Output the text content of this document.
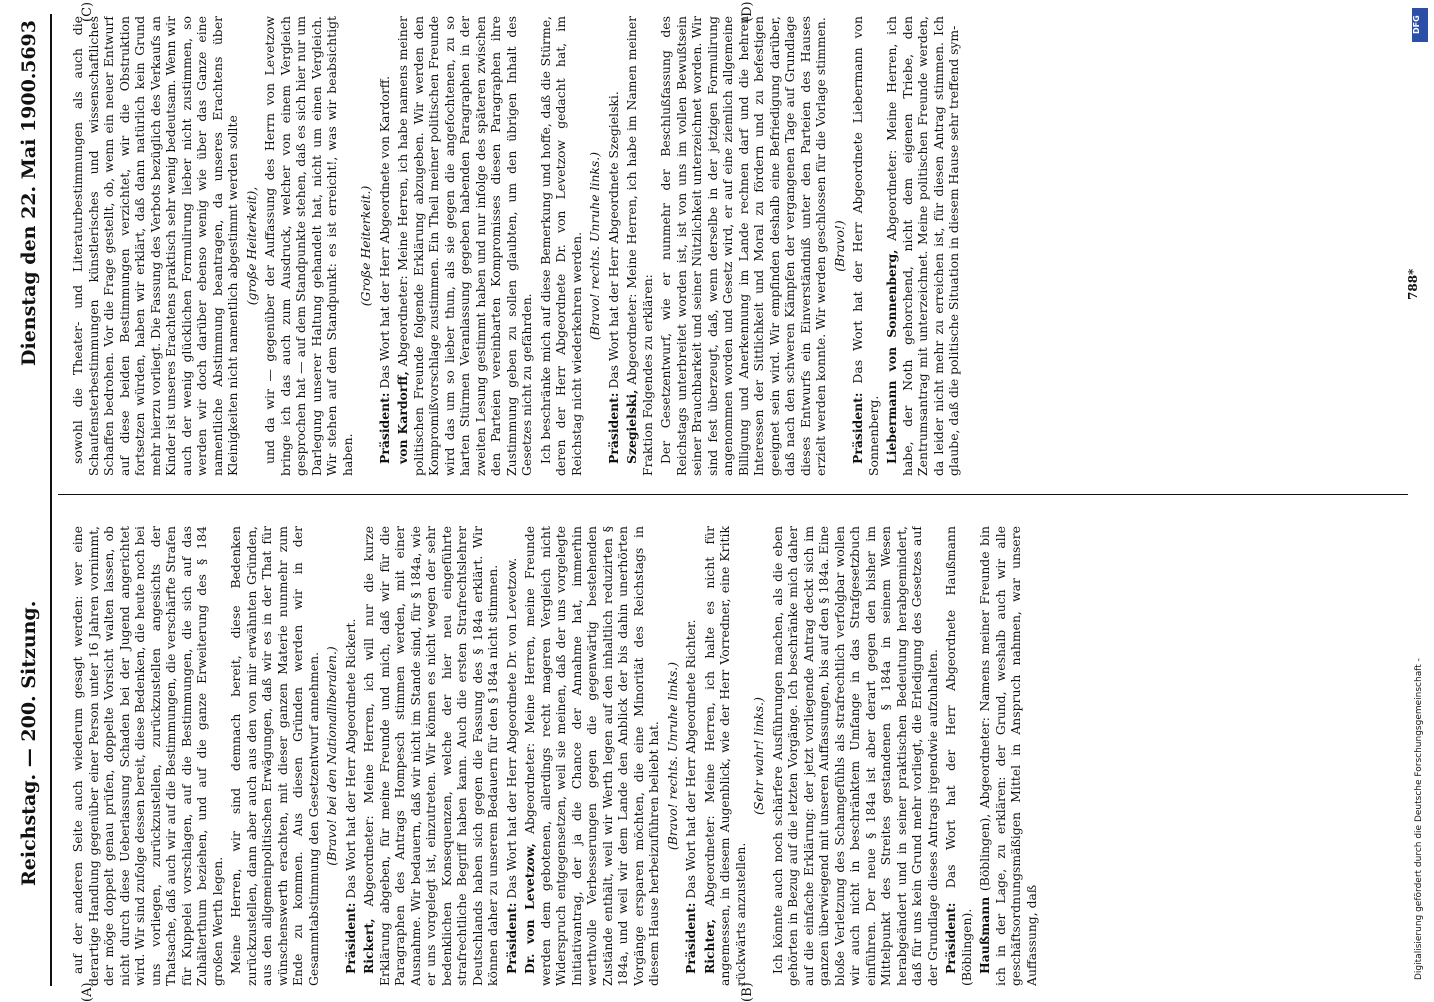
Reichstag. — 200. Sitzung.
Dienstag den 22. Mai 1900.
5693
(A)	(B)
(C)	(D)

auf der anderen Seite auch wiederum gesagt werden: wer eine derartige Handlung gegenüber einer Person unter 16 Jahren vornimmt, der möge doppelt genau prüfen, doppelte Vorsicht walten lassen, ob nicht durch diese Ueberlassung Schaden bei der Jugend angerichtet wird. Wir sind zufolge dessen bereit, diese Bedenken, die heute noch bei uns vorliegen, zurückzustellen, zurückzustellen angesichts der Thatsache, daß auch wir auf die Bestimmungen, die verschärfte Strafen für Kuppelei vorschlagen, auf die Bestimmungen, die sich auf das Zuhälterthum beziehen, und auf die ganze Erweiterung des § 184 großen Werth legen. Meine Herren, wir sind demnach bereit, diese Bedenken zurückzustellen, dann aber auch aus den von mir erwähnten Gründen, aus den allgemeinpolitischen Erwägungen, daß wir es in der That für wünschenswerth erachten, mit dieser ganzen Materie nunmehr zum Ende zu kommen. Aus diesen Gründen werden wir in der Gesammtabstimmung den Gesetzentwurf annehmen. (Bravo! bei den Nationalliberalen.)

Präsident: Das Wort hat der Herr Abgeordnete Rickert.

Rickert, Abgeordneter: Meine Herren, ich will nur die kurze Erklärung abgeben, für meine Freunde und mich, daß wir für die Paragraphen des Antrags Hompesch stimmen werden, mit einer Ausnahme. Wir bedauern, daß wir nicht im Stande sind, für § 184a, wie er uns vorgelegt ist, einzutreten. Wir können es nicht wegen der sehr bedenklichen Konsequenzen, welche der hier neu eingeführte strafrechtliche Begriff haben kann. Auch die ersten Strafrechtslehrer Deutschlands haben sich gegen die Fassung des § 184a erklärt. Wir können daher zu unserem Bedauern für den § 184a nicht stimmen. Präsident: Das Wort hat der Herr Abgeordnete Dr. von Levetzow.

Dr. von Levetzow, Abgeordneter: Meine Herren, meine Freunde werden dem gebotenen, allerdings recht mageren Vergleich nicht Widerspruch entgegensetzen, weil sie meinen, daß der uns vorgelegte Initiativantrag, der ja die Chance der Annahme hat, immerhin werthvolle Verbesserungen gegen die gegenwärtig bestehenden Zustände enthält, weil wir Werth legen auf den inhaltlich reduzirten § 184a, und weil wir dem Lande den Anblick der bis dahin unerhörten Vorgänge ersparen möchten, die eine Minorität des Reichstags in diesem Hause herbeizuführen beliebt hat. (Bravo! rechts. Unruhe links.)

Präsident: Das Wort hat der Herr Abgeordnete Richter.

Richter, Abgeordneter: Meine Herren, ich halte es nicht für angemessen, in diesem Augenblick, wie der Herr Vorredner, eine Kritik rückwärts anzustellen.

(Sehr wahr! links.) Ich könnte auch noch schärfere Ausführungen machen, als die eben gehörten in Bezug auf die letzten Vorgänge. Ich beschränke mich daher auf die einfache Erklärung: der jetzt vorliegende Antrag deckt sich im ganzen überwiegend mit unseren Auffassungen, bis auf den § 184a. Eine bloße Verletzung des Schamgefühls als strafrechtlich verfolgbar wollen wir auch nicht in beschränktem Umfange in das Strafgesetzbuch einführen. Der neue § 184a ist aber derart gegen den bisher im Mittelpunkt des Streites gestandenen § 184a in seinem Wesen herabgeändert und in seiner praktischen Bedeutung herabgemindert, daß für uns kein Grund mehr vorliegt, die Erledigung des Gesetzes auf der Grundlage dieses Antrags irgendwie aufzuhalten. Präsident: Das Wort hat der Herr Abgeordnete Haußmann (Böblingen). Haußmann (Böblingen), Abgeordneter: Namens meiner Freunde bin ich in der Lage, zu erklären: der Grund, weshalb auch wir alle geschäftsordnungsmäßigen Mittel in Anspruch nahmen, war unsere Auffassung, daß

sowohl die Theater- und Literaturbestimmungen als auch die Schaufensterbestimmungen künstlerisches und wissenschaftliches Schaffen bedrohen. Vor die Frage gestellt, ob, wenn ein neuer Entwurf auf diese beiden Bestimmungen verzichtet, wir die Obstruktion fortsetzen würden, haben wir erklärt, daß dann natürlich kein Grund mehr hierzu vorliegt. Die Fassung des Verbots bezüglich des Verkaufs an Kinder ist unseres Erachtens praktisch sehr wenig bedeutsam. Wenn wir auch der wenig glücklichen Formulirung lieber nicht zustimmen, so werden wir doch darüber ebenso wenig wie über das Ganze eine namentliche Abstimmung beantragen, da unseres Erachtens über Kleinigkeiten nicht namentlich abgestimmt werden sollte (große Heiterkeit), und da wir — gegenüber der Auffassung des Herrn von Levetzow bringe ich das auch zum Ausdruck, welcher von einem Vergleich gesprochen hat — auf dem Standpunkte stehen, daß es sich hier nur um Darlegung unserer Haltung gehandelt hat, nicht um einen Vergleich. Wir stehen auf dem Standpunkt: es ist erreicht!, was wir beabsichtigt haben.

(Große Heiterkeit.)

Präsident: Das Wort hat der Herr Abgeordnete von Kardorff.

von Kardorff, Abgeordneter: Meine Herren, ich habe namens meiner politischen Freunde folgende Erklärung abzugeben. Wir werden den Kompromißvorschlage zustimmen. Ein Theil meiner politischen Freunde wird das um so lieber thun, als sie gegen die angefochtenen, zu so harten Stürmen Veranlassung gegeben habenden Paragraphen in der zweiten Lesung gestimmt haben und nur infolge des späteren zwischen den Parteien vereinbarten Kompromisses diesen Paragraphen ihre Zustimmung geben zu sollen glaubten, um den übrigen Inhalt des Gesetzes nicht zu gefährden. Ich beschränke mich auf diese Bemerkung und hoffe, daß die Stürme, deren der Herr Abgeordnete Dr. von Levetzow gedacht hat, im Reichstag nicht wiederkehren werden. (Bravo! rechts. Unruhe links.)

Präsident: Das Wort hat der Herr Abgeordnete Szegielski.

Szegielski, Abgeordneter: Meine Herren, ich habe im Namen meiner Fraktion Folgendes zu erklären: Der Gesetzentwurf, wie er nunmehr der Beschlußfassung des Reichstags unterbreitet worden ist, ist von uns im vollen Bewußtsein seiner Brauchbarkeit und seiner Nützlichkeit unterzeichnet worden. Wir sind fest überzeugt, daß, wenn derselbe in der jetzigen Formulirung angenommen worden und Gesetz wird, er auf eine ziemlich allgemeine Billigung und Anerkennung im Lande rechnen darf und die hehren Interessen der Sittlichkeit und Moral zu fördern und zu befestigen geeignet sein wird. Wir empfinden deshalb eine Befriedigung darüber, daß nach den schweren Kämpfen der vergangenen Tage auf Grundlage dieses Entwurfs ein Einverständniß unter den Parteien des Hauses erzielt werden konnte. Wir werden geschlossen für die Vorlage stimmen. (Bravo!)

Präsident: Das Wort hat der Herr Abgeordnete Liebermann von Sonnenberg. Liebermann von Sonnenberg, Abgeordneter: Meine Herren, ich habe, der Noth gehorchend, nicht dem eigenen Triebe, den Zentrumsantrag mit unterzeichnet. Meine politischen Freunde werden, da leider nicht mehr zu erreichen ist, für diesen Antrag stimmen. Ich glaube, daß die politische Situation in diesem Hause sehr treffend sym-	788*
DFG
Digitalisierung gefördert durch die Deutsche Forschungsgemeinschaft -
